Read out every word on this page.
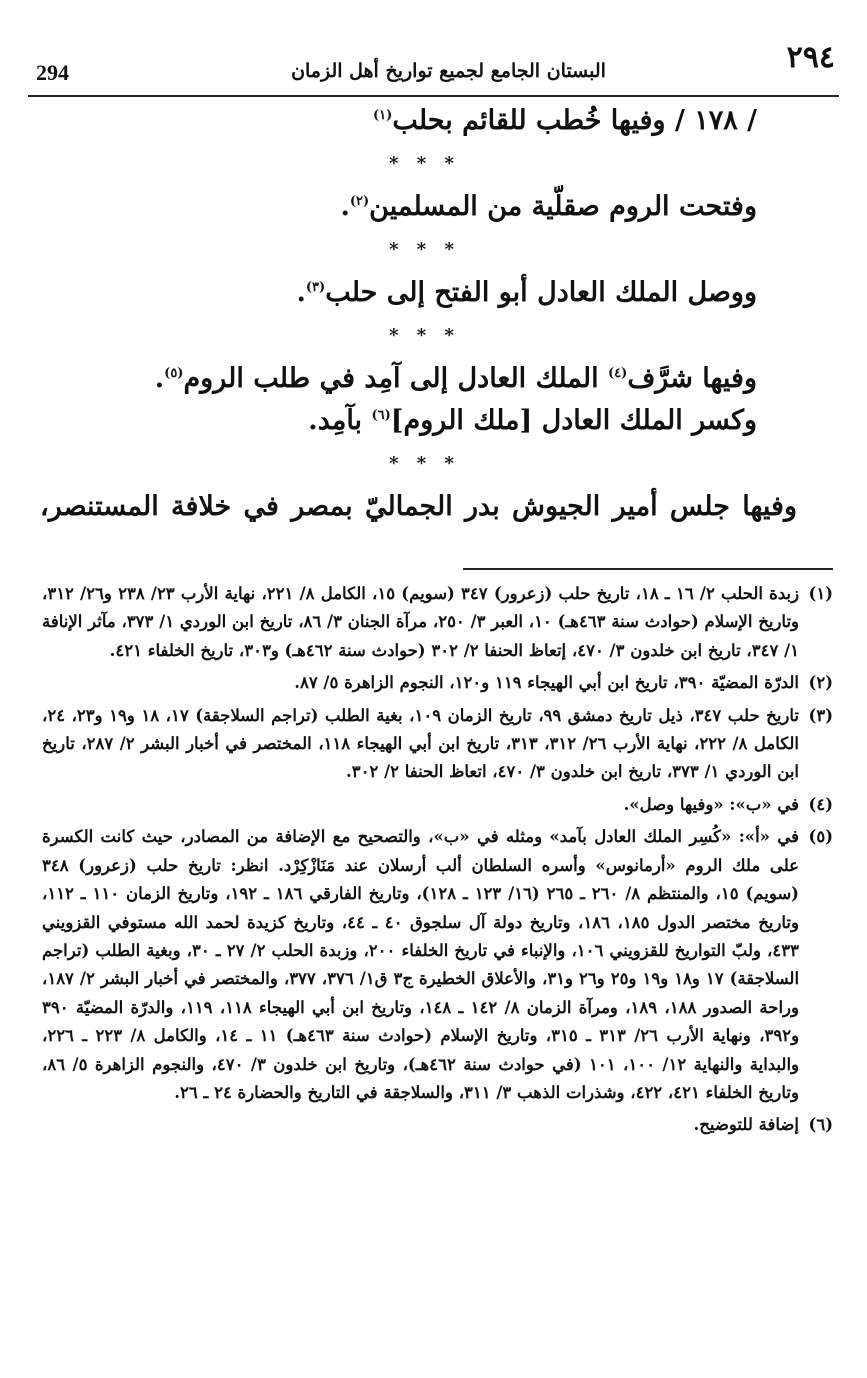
294	البستان الجامع لجميع تواريخ أهل الزمان	٢٩٤
/ ١٧٨ / وفيها خُطب للقائم بحلب$^{(١)}$
* * *
وفتحت الروم صقلّية من المسلمين$^{(٢)}$.
* * *
ووصل الملك العادل أبو الفتح إلى حلب$^{(٣)}$.
* * *
وفيها شرَّف$^{(٤)}$ الملك العادل إلى آمِد في طلب الروم$^{(٥)}$.
وكسر الملك العادل [ملك الروم]$^{(٦)}$ بآمِد.
* * *
وفيها جلس أمير الجيوش بدر الجماليّ بمصر في خلافة المستنصر،
(١)
زبدة الحلب ٢/ ١٦ ـ ١٨، تاريخ حلب (زعرور) ٣٤٧ (سويم) ١٥، الكامل ٨/ ٢٢١، نهاية الأرب ٢٣/ ٢٣٨ و٢٦/ ٣١٢، وتاريخ الإسلام (حوادث سنة ٤٦٣هـ) ١٠، العبر ٣/ ٢٥٠، مرآة الجنان ٣/ ٨٦، تاريخ ابن الوردي ١/ ٣٧٣، مآثر الإنافة ١/ ٣٤٧، تاريخ ابن خلدون ٣/ ٤٧٠، إتعاظ الحنفا ٢/ ٣٠٢ (حوادث سنة ٤٦٢هـ) و٣٠٣، تاريخ الخلفاء ٤٢١.
(٢)
الدرّة المضيّة ٣٩٠، تاريخ ابن أبي الهيجاء ١١٩ و١٢٠، النجوم الزاهرة ٥/ ٨٧.
(٣)
تاريخ حلب ٣٤٧، ذيل تاريخ دمشق ٩٩، تاريخ الزمان ١٠٩، بغية الطلب (تراجم السلاجقة) ١٧، ١٨ و١٩ و٢٣، ٢٤، الكامل ٨/ ٢٢٢، نهاية الأرب ٢٦/ ٣١٢، ٣١٣، تاريخ ابن أبي الهيجاء ١١٨، المختصر في أخبار البشر ٢/ ٢٨٧، تاريخ ابن الوردي ١/ ٣٧٣، تاريخ ابن خلدون ٣/ ٤٧٠، اتعاظ الحنفا ٢/ ٣٠٢.
(٤)
في «ب»: «وفيها وصل».
(٥)
في «أ»: «كُسِر الملك العادل بآمد» ومثله في «ب»، والتصحيح مع الإضافة من المصادر، حيث كانت الكسرة على ملك الروم «أرمانوس» وأسره السلطان ألب أرسلان عند مَنَازْكِرْد. انظر: تاريخ حلب (زعرور) ٣٤٨ (سويم) ١٥، والمنتظم ٨/ ٢٦٠ ـ ٢٦٥ (١٦/ ١٢٣ ـ ١٢٨)، وتاريخ الفارقي ١٨٦ ـ ١٩٢، وتاريخ الزمان ١١٠ ـ ١١٢، وتاريخ مختصر الدول ١٨٥، ١٨٦، وتاريخ دولة آل سلجوق ٤٠ ـ ٤٤، وتاريخ كزيدة لحمد الله مستوفي القزويني ٤٣٣، ولبّ التواريخ للقزويني ١٠٦، والإنباء في تاريخ الخلفاء ٢٠٠، وزبدة الحلب ٢/ ٢٧ ـ ٣٠، وبغية الطلب (تراجم السلاجقة) ١٧ و١٨ و١٩ و٢٥ و٢٦ و٣١، والأعلاق الخطيرة ج٣ ق١/ ٣٧٦، ٣٧٧، والمختصر في أخبار البشر ٢/ ١٨٧، وراحة الصدور ١٨٨، ١٨٩، ومرآة الزمان ٨/ ١٤٢ ـ ١٤٨، وتاريخ ابن أبي الهيجاء ١١٨، ١١٩، والدرّة المضيّة ٣٩٠ و٣٩٢، ونهاية الأرب ٢٦/ ٣١٣ ـ ٣١٥، وتاريخ الإسلام (حوادث سنة ٤٦٣هـ) ١١ ـ ١٤، والكامل ٨/ ٢٢٣ ـ ٢٢٦، والبداية والنهاية ١٢/ ١٠٠، ١٠١ (في حوادث سنة ٤٦٢هـ)، وتاريخ ابن خلدون ٣/ ٤٧٠، والنجوم الزاهرة ٥/ ٨٦، وتاريخ الخلفاء ٤٢١، ٤٢٢، وشذرات الذهب ٣/ ٣١١، والسلاجقة في التاريخ والحضارة ٢٤ ـ ٢٦.
(٦)
إضافة للتوضيح.
